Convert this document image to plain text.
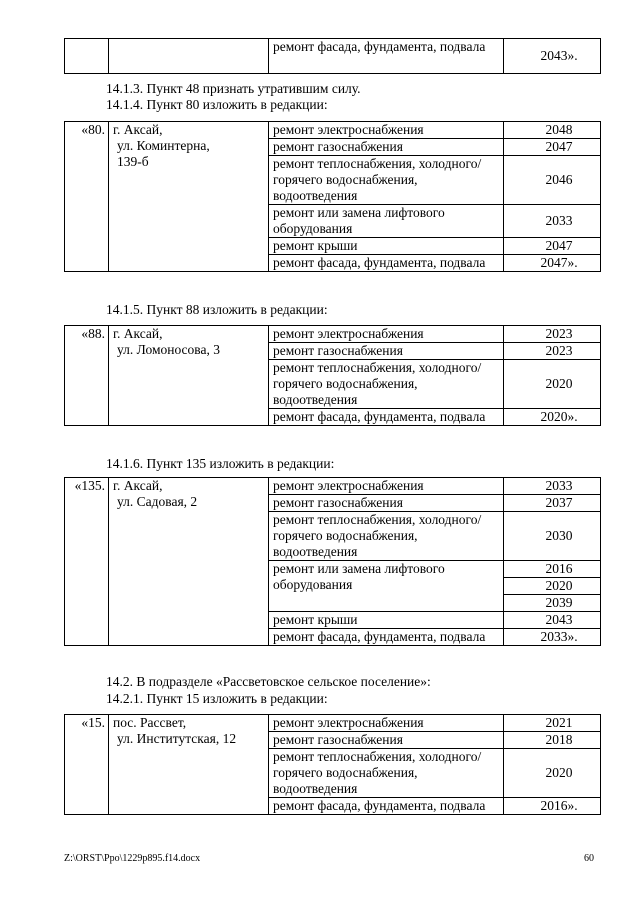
		ремонт фасада, фундамента, подвала	2043».
14.1.3. Пункт 48 признать утратившим силу.
14.1.4. Пункт 80 изложить в редакции:
«80.	г. Аксай,
ул. Коминтерна,
139-б	ремонт электроснабжения	2048
		ремонт газоснабжения	2047
		ремонт теплоснабжения, холодного/горячего водоснабжения, водоотведения	2046
		ремонт или замена лифтового оборудования	2033
		ремонт крыши	2047
		ремонт фасада, фундамента, подвала	2047».
14.1.5. Пункт 88 изложить в редакции:
«88.	г. Аксай,
ул. Ломоносова, 3	ремонт электроснабжения	2023
		ремонт газоснабжения	2023
		ремонт теплоснабжения, холодного/горячего водоснабжения, водоотведения	2020
		ремонт фасада, фундамента, подвала	2020».
14.1.6. Пункт 135 изложить в редакции:
«135.	г. Аксай,
ул. Садовая, 2	ремонт электроснабжения	2033
		ремонт газоснабжения	2037
		ремонт теплоснабжения, холодного/горячего водоснабжения, водоотведения	2030
		ремонт или замена лифтового оборудования	2016
			2020
			2039
		ремонт крыши	2043
		ремонт фасада, фундамента, подвала	2033».
14.2. В подразделе «Рассветовское сельское поселение»:
14.2.1. Пункт 15 изложить в редакции:
«15.	пос. Рассвет,
ул. Институтская, 12	ремонт электроснабжения	2021
		ремонт газоснабжения	2018
		ремонт теплоснабжения, холодного/горячего водоснабжения, водоотведения	2020
		ремонт фасада, фундамента, подвала	2016».
Z:\ORST\Ppo\1229p895.f14.docx	60
